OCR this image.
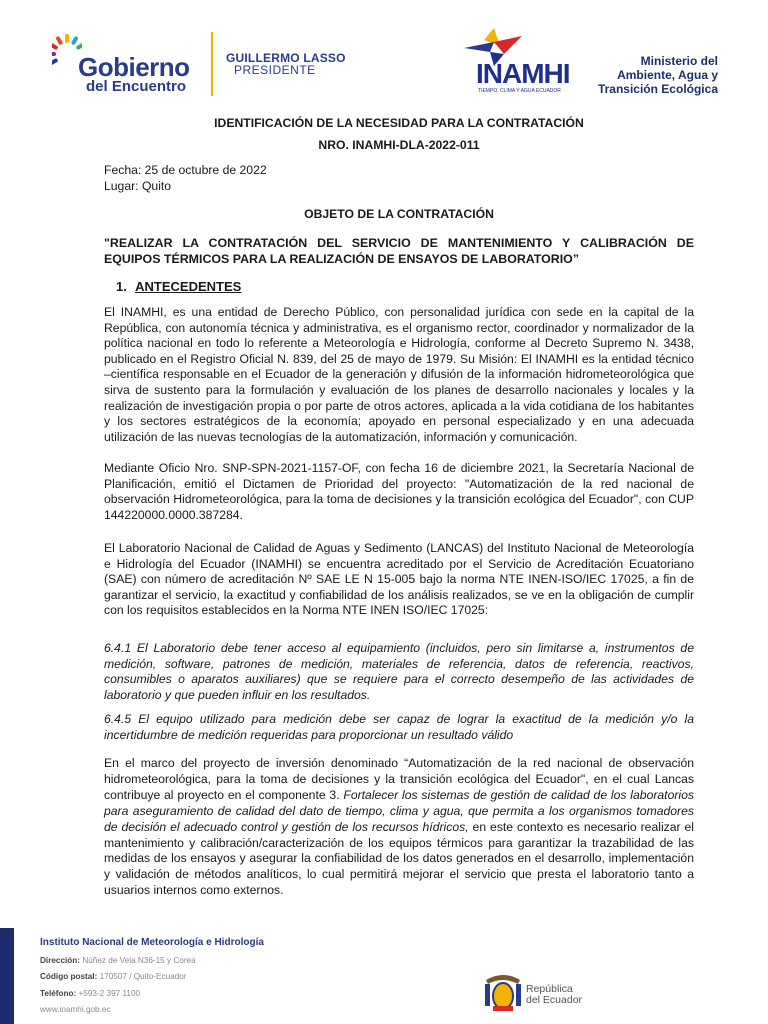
Gobierno
del Encuentro
GUILLERMO LASSO
PRESIDENTE	INAMHI
TIEMPO, CLIMA Y AGUA ECUADOR
Ministerio del
Ambiente, Agua y
Transición Ecológica
IDENTIFICACIÓN DE LA NECESIDAD PARA LA CONTRATACIÓN
NRO. INAMHI-DLA-2022-011
Fecha: 25 de octubre de 2022
Lugar: Quito
OBJETO DE LA CONTRATACIÓN
"REALIZAR LA CONTRATACIÓN DEL SERVICIO DE MANTENIMIENTO Y CALIBRACIÓN DE EQUIPOS TÉRMICOS PARA LA REALIZACIÓN DE ENSAYOS DE LABORATORIO”
1. ANTECEDENTES
El INAMHI, es una entidad de Derecho Público, con personalidad jurídica con sede en la capital de la República, con autonomía técnica y administrativa, es el organismo rector, coordinador y normalizador de la política nacional en todo lo referente a Meteorología e Hidrología, conforme al Decreto Supremo N. 3438, publicado en el Registro Oficial N. 839, del 25 de mayo de 1979. Su Misión: El INAMHI es la entidad técnico –científica responsable en el Ecuador de la generación y difusión de la información hidrometeorológica que sirva de sustento para la formulación y evaluación de los planes de desarrollo nacionales y locales y la realización de investigación propia o por parte de otros actores, aplicada a la vida cotidiana de los habitantes y los sectores estratégicos de la economía; apoyado en personal especializado y en una adecuada utilización de las nuevas tecnologías de la automatización, información y comunicación.
Mediante Oficio Nro. SNP-SPN-2021-1157-OF, con fecha 16 de diciembre 2021, la Secretaría Nacional de Planificación, emitió el Dictamen de Prioridad del proyecto: "Automatización de la red nacional de observación Hidrometeorológica, para la toma de decisiones y la transición ecológica del Ecuador", con CUP 144220000.0000.387284.
El Laboratorio Nacional de Calidad de Aguas y Sedimento (LANCAS) del Instituto Nacional de Meteorología e Hidrología del Ecuador (INAMHI) se encuentra acreditado por el Servicio de Acreditación Ecuatoriano (SAE) con número de acreditación Nº SAE LE N 15-005 bajo la norma NTE INEN-ISO/IEC 17025, a fin de garantizar el servicio, la exactitud y confiabilidad de los análisis realizados, se ve en la obligación de cumplir con los requisitos establecidos en la Norma NTE INEN ISO/IEC 17025:
6.4.1 El Laboratorio debe tener acceso al equipamiento (incluidos, pero sin limitarse a, instrumentos de medición, software, patrones de medición, materiales de referencia, datos de referencia, reactivos, consumibles o aparatos auxiliares) que se requiere para el correcto desempeño de las actividades de laboratorio y que pueden influir en los resultados.
6.4.5 El equipo utilizado para medición debe ser capaz de lograr la exactitud de la medición y/o la incertidumbre de medición requeridas para proporcionar un resultado válido
En el marco del proyecto de inversión denominado “Automatización de la red nacional de observación hidrometeorológica, para la toma de decisiones y la transición ecológica del Ecuador", en el cual Lancas contribuye al proyecto en el componente 3. Fortalecer los sistemas de gestión de calidad de los laboratorios para aseguramiento de calidad del dato de tiempo, clima y agua, que permita a los organismos tomadores de decisión el adecuado control y gestión de los recursos hídricos, en este contexto es necesario realizar el mantenimiento y calibración/caracterización de los equipos térmicos para garantizar la trazabilidad de las medidas de los ensayos y asegurar la confiabilidad de los datos generados en el desarrollo, implementación y validación de métodos analíticos, lo cual permitirá mejorar el servicio que presta el laboratorio tanto a usuarios internos como externos.
Instituto Nacional de Meteorología e Hidrología
Dirección: Núñez de Vela N36-15 y Corea
Código postal: 170507 / Quito-Ecuador
Teléfono: +593-2 397 1100
www.inamhi.gob.ec
República
del Ecuador
